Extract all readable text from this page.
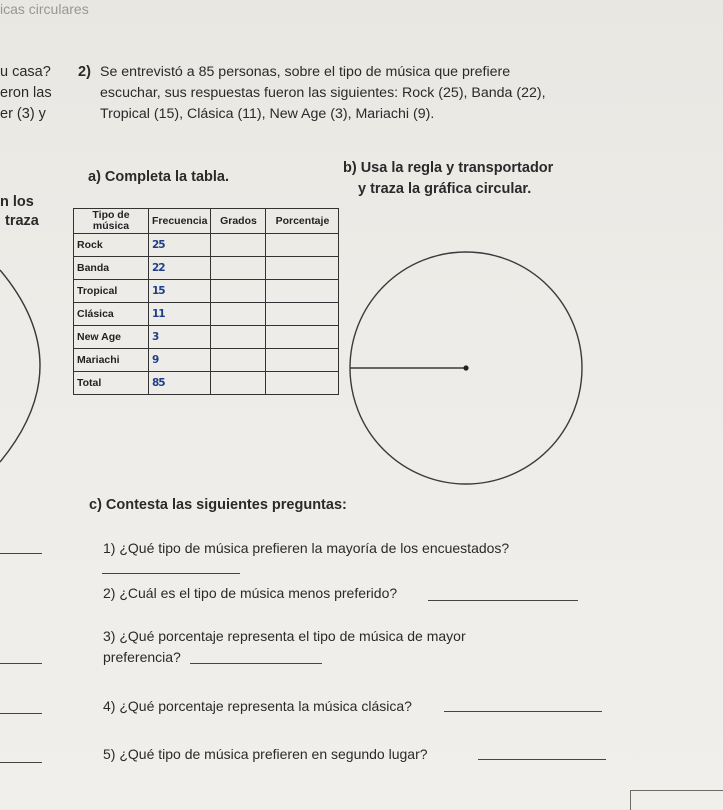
icas circulares
u casa?
eron las
er (3) y
n los
traza
2) Se entrevistó a 85 personas, sobre el tipo de música que prefiere
escuchar, sus respuestas fueron las siguientes: Rock (25), Banda (22),
Tropical (15), Clásica (11), New Age (3), Mariachi (9).
a) Completa la tabla.
b) Usa la regla y transportador
y traza la gráfica circular.
Tipo de música	Frecuencia	Grados	Porcentaje
Rock	25		
Banda	22		
Tropical	15		
Clásica	11		
New Age	3		
Mariachi	9		
Total	85		
c) Contesta las siguientes preguntas:
1) ¿Qué tipo de música prefieren la mayoría de los encuestados?
2) ¿Cuál es el tipo de música menos preferido?
3) ¿Qué porcentaje representa el tipo de música de mayor
preferencia?
4) ¿Qué porcentaje representa la música clásica?
5) ¿Qué tipo de música prefieren en segundo lugar?
